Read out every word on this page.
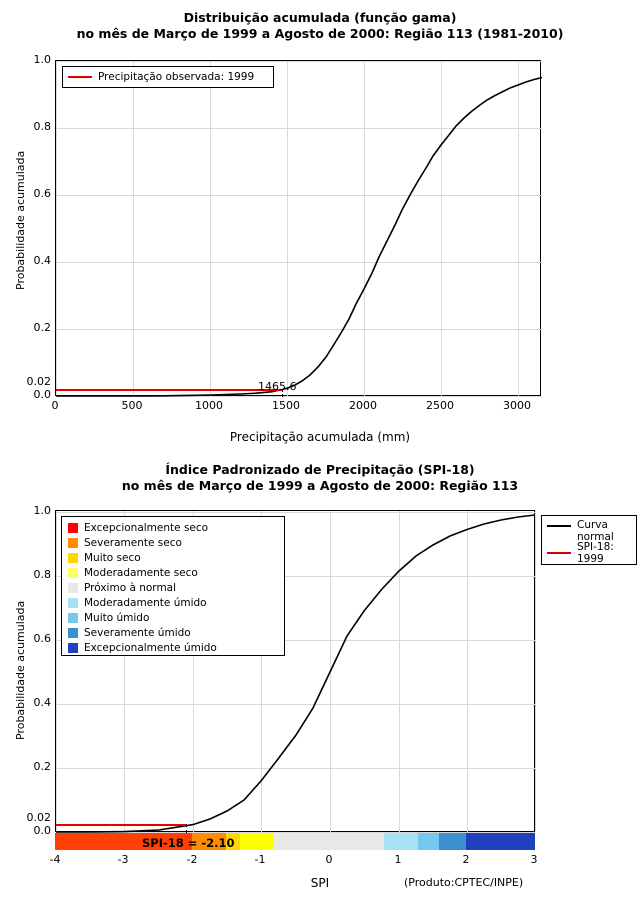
Distribuição acumulada (função gama)
no mês de Março de 1999 a Agosto de 2000: Região 113 (1981-2010)
Probabilidade acumulada
Precipitação observada: 1999
0.0
0.2
0.4
0.6
0.8
1.0
0.02
0	500	1000	1500	2000	2500	3000
1465.6
Precipitação acumulada (mm)
Índice Padronizado de Precipitação (SPI-18)
no mês de Março de 1999 a Agosto de 2000: Região 113
Probabilidade acumulada
Excepcionalmente seco
Severamente seco
Muito seco
Moderadamente seco
Próximo à normal
Moderadamente úmido
Muito úmido
Severamente úmido
Excepcionalmente úmido
Curva normal
SPI-18: 1999
0.0
0.2
0.4
0.6
0.8
1.0
0.02
SPI-18 = -2.10
-4	-3	-2	-1	0	1	2	3
SPI	(Produto:CPTEC/INPE)
